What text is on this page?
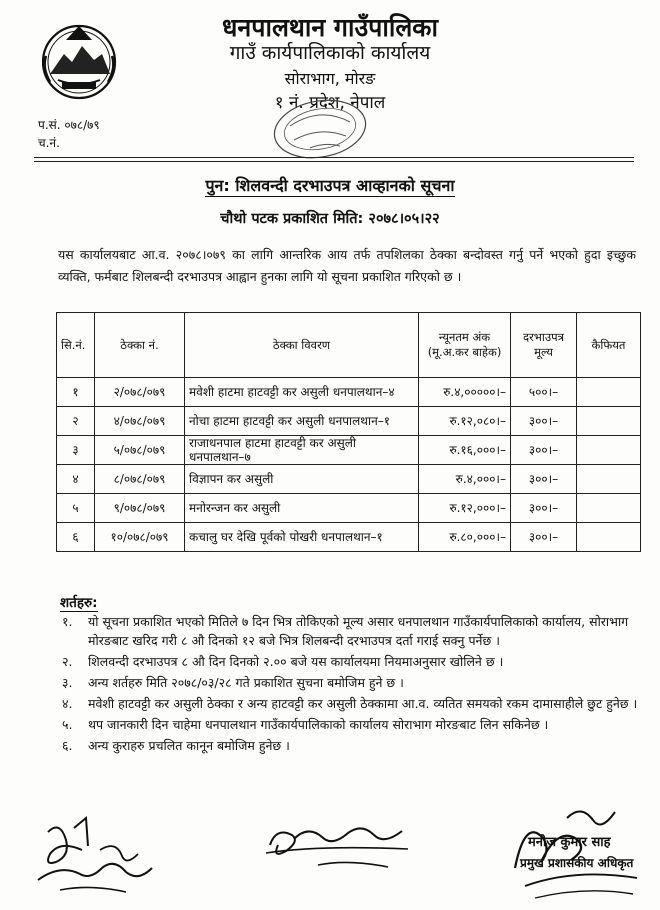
धनपालथान गाउँपालिका
गाउँ कार्यपालिकाको कार्यालय
सोराभाग, मोरङ
१ नं. प्रदेश, नेपाल
प.सं. ०७८/७९
च.नं.
पुन: शिलवन्दी दरभाउपत्र आव्हानको सूचना
चौथो पटक प्रकाशित मिति: २०७८।०५।२२
यस कार्यालयबाट आ.व. २०७८।०७९ का लागि आन्तरिक आय तर्फ तपशिलका ठेक्का बन्दोवस्त गर्नु पर्ने भएको हुदा इच्छुक व्यक्ति, फर्मबाट शिलबन्दी दरभाउपत्र आह्वान हुनका लागि यो सूचना प्रकाशित गरिएको छ ।
सि.नं.	ठेक्का नं.	ठेक्का विवरण	न्यूनतम अंक (मू.अ.कर बाहेक)	दरभाउपत्र मूल्य	कैफियत
१	२/०७८/०७९	मवेशी हाटमा हाटवट्टी कर असुली धनपालथान–४	रु.४,०००००।–	५००।–	
२	४/०७८/०७९	नोचा हाटमा हाटवट्टी कर असुली धनपालथान–१	रु.१२,०८०।–	३००।–	
३	५/०७८/०७९	राजाधनपाल हाटमा हाटवट्टी कर असुली धनपालथान–७	रु.१६,०००।–	३००।–	
४	८/०७८/०७९	विज्ञापन कर असुली	रु.४,०००।–	३००।–	
५	९/०७८/०७९	मनोरन्जन कर असुली	रु.१२,०००।–	३००।–	
६	१०/०७८/०७९	कचालु घर देखि पूर्वको पोखरी धनपालथान–१	रु.८०,०००।–	३००।–	
शर्तहरु:
१. यो सूचना प्रकाशित भएको मितिले ७ दिन भित्र तोकिएको मूल्य असार धनपालथान गाउँकार्यपालिकाको कार्यालय, सोराभाग मोरङबाट खरिद गरी ८ औ दिनको १२ बजे भित्र शिलबन्दी दरभाउपत्र दर्ता गराई सक्नु पर्नेछ ।
२. शिलवन्दी दरभाउपत्र ८ औ दिन दिनको २.०० बजे यस कार्यालयमा नियमाअनुसार खोलिने छ ।
३. अन्य शर्तहरु मिति २०७८/०३/२८ गते प्रकाशित सुचना बमोजिम हुने छ ।
४. मवेशी हाटवट्टी कर असुली ठेक्का र अन्य हाटवट्टी कर असुली ठेक्कामा आ.व. व्यतित समयको रकम दामासाहीले छुट हुनेछ ।
५. थप जानकारी दिन चाहेमा धनपालथान गाउँकार्यपालिकाको कार्यालय सोराभाग मोरङबाट लिन सकिनेछ ।
६. अन्य कुराहरु प्रचलित कानून बमोजिम हुनेछ ।
मनोज कुमार साह
प्रमुख प्रशासकीय अधिकृत
